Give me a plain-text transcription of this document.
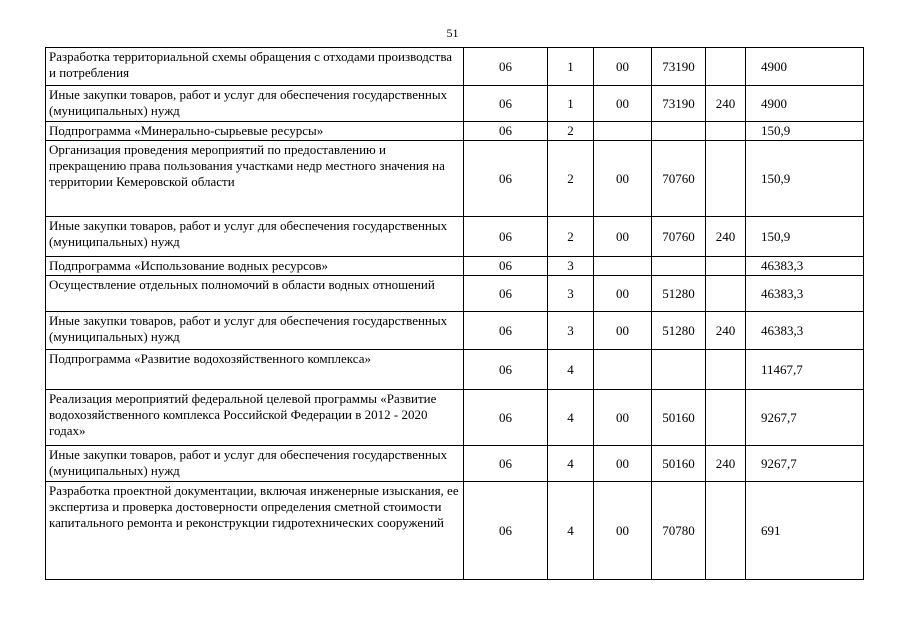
51
Разработка территориальной схемы обращения с отходами производства и потребления	06	1	00	73190		4900
Иные закупки товаров, работ и услуг для обеспечения государственных (муниципальных) нужд	06	1	00	73190	240	4900
Подпрограмма «Минерально-сырьевые ресурсы»	06	2				150,9
Организация проведения мероприятий по предоставлению и прекращению права пользования участками недр местного значения на территории Кемеровской области	06	2	00	70760		150,9
Иные закупки товаров, работ и услуг для обеспечения государственных (муниципальных) нужд	06	2	00	70760	240	150,9
Подпрограмма «Использование водных ресурсов»	06	3				46383,3
Осуществление отдельных полномочий в области водных отношений	06	3	00	51280		46383,3
Иные закупки товаров, работ и услуг для обеспечения государственных (муниципальных) нужд	06	3	00	51280	240	46383,3
Подпрограмма «Развитие водохозяйственного комплекса»	06	4				11467,7
Реализация мероприятий федеральной целевой программы «Развитие водохозяйственного комплекса Российской Федерации в 2012 - 2020 годах»	06	4	00	50160		9267,7
Иные закупки товаров, работ и услуг для обеспечения государственных (муниципальных) нужд	06	4	00	50160	240	9267,7
Разработка проектной документации, включая инженерные изыскания, ее экспертиза и проверка достоверности определения сметной стоимости капитального ремонта и реконструкции гидротехнических сооружений	06	4	00	70780		691
